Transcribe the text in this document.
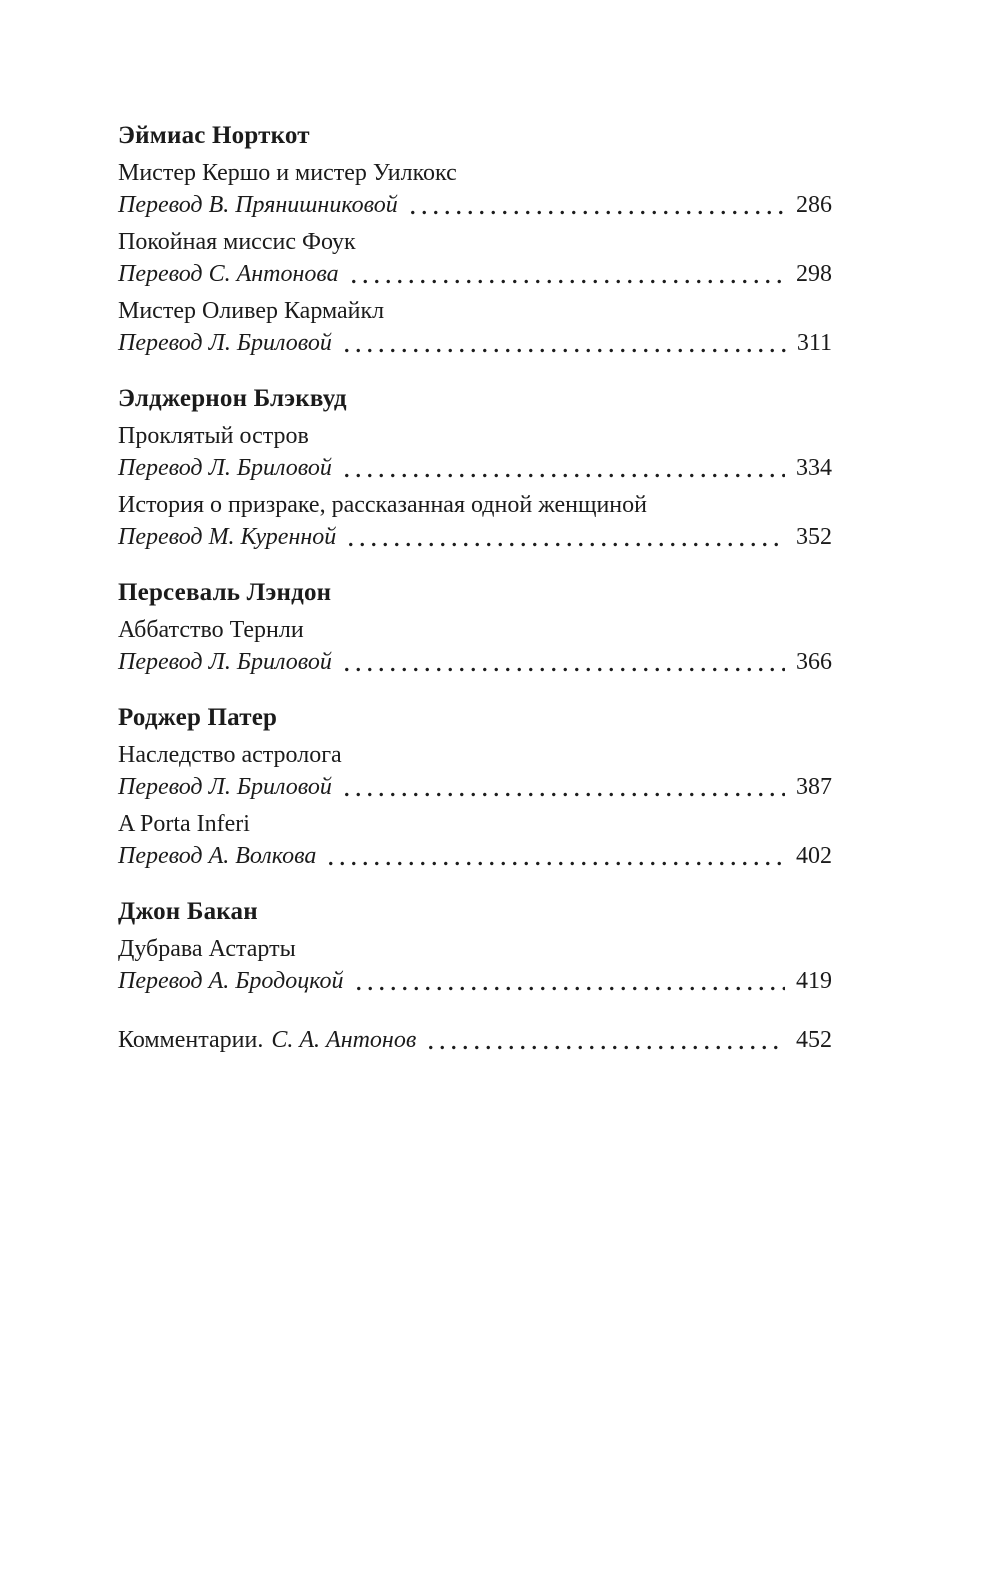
Эймиас Норткот
Мистер Кершо и мистер Уилкокс
Перевод В. Прянишниковой	286
Покойная миссис Фоук
Перевод С. Антонова	298
Мистер Оливер Кармайкл
Перевод Л. Бриловой	311
Элджернон Блэквуд
Проклятый остров
Перевод Л. Бриловой	334
История о призраке, рассказанная одной женщиной
Перевод М. Куренной	352
Персеваль Лэндон
Аббатство Тернли
Перевод Л. Бриловой	366
Роджер Патер
Наследство астролога
Перевод Л. Бриловой	387
A Porta Inferi
Перевод А. Волкова	402
Джон Бакан
Дубрава Астарты
Перевод А. Бродоцкой	419
Комментарии. С. А. Антонов	452
